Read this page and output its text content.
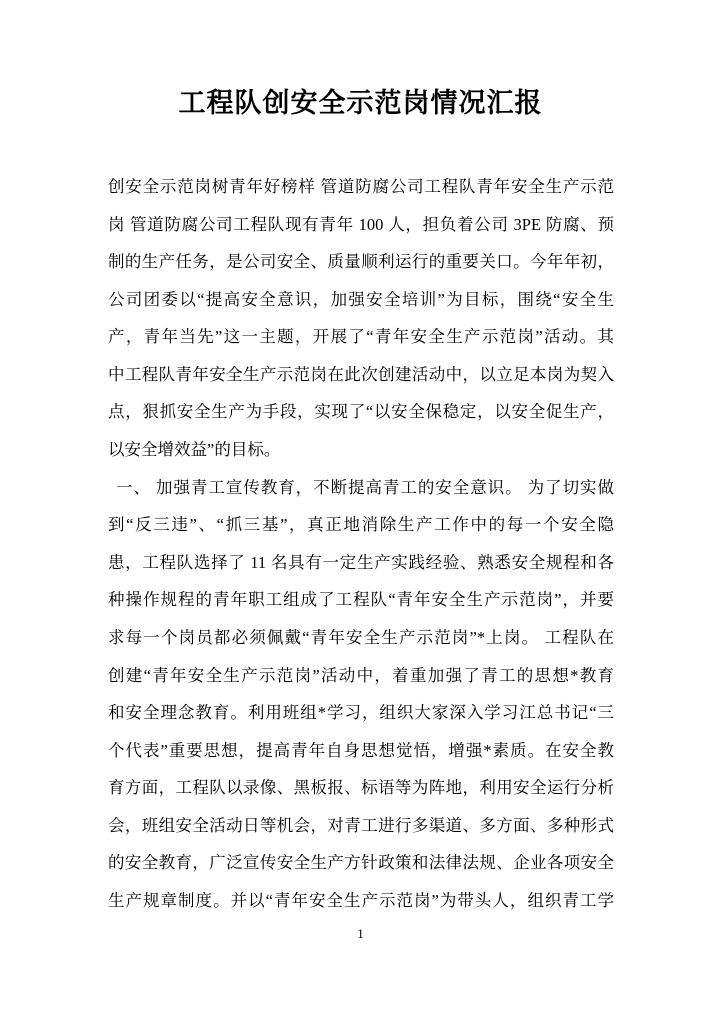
工程队创安全示范岗情况汇报
创安全示范岗树青年好榜样 管道防腐公司工程队青年安全生产示范
岗 管道防腐公司工程队现有青年 100 人，担负着公司 3PE 防腐、预
制的生产任务，是公司安全、质量顺利运行的重要关口。今年年初，
公司团委以“提高安全意识，加强安全培训”为目标，围绕“安全生
产，青年当先”这一主题，开展了“青年安全生产示范岗”活动。其
中工程队青年安全生产示范岗在此次创建活动中，以立足本岗为契入
点，狠抓安全生产为手段，实现了“以安全保稳定，以安全促生产，
以安全增效益”的目标。
一、 加强青工宣传教育，不断提高青工的安全意识。 为了切实做
到“反三违”、“抓三基”，真正地消除生产工作中的每一个安全隐
患，工程队选择了 11 名具有一定生产实践经验、熟悉安全规程和各
种操作规程的青年职工组成了工程队“青年安全生产示范岗”，并要
求每一个岗员都必须佩戴“青年安全生产示范岗”*上岗。 工程队在
创建“青年安全生产示范岗”活动中，着重加强了青工的思想*教育
和安全理念教育。利用班组*学习，组织大家深入学习江总书记“三
个代表”重要思想，提高青年自身思想觉悟，增强*素质。在安全教
育方面，工程队以录像、黑板报、标语等为阵地，利用安全运行分析
会，班组安全活动日等机会，对青工进行多渠道、多方面、多种形式
的安全教育，广泛宣传安全生产方针政策和法律法规、企业各项安全
生产规章制度。并以“青年安全生产示范岗”为带头人，组织青工学
1
